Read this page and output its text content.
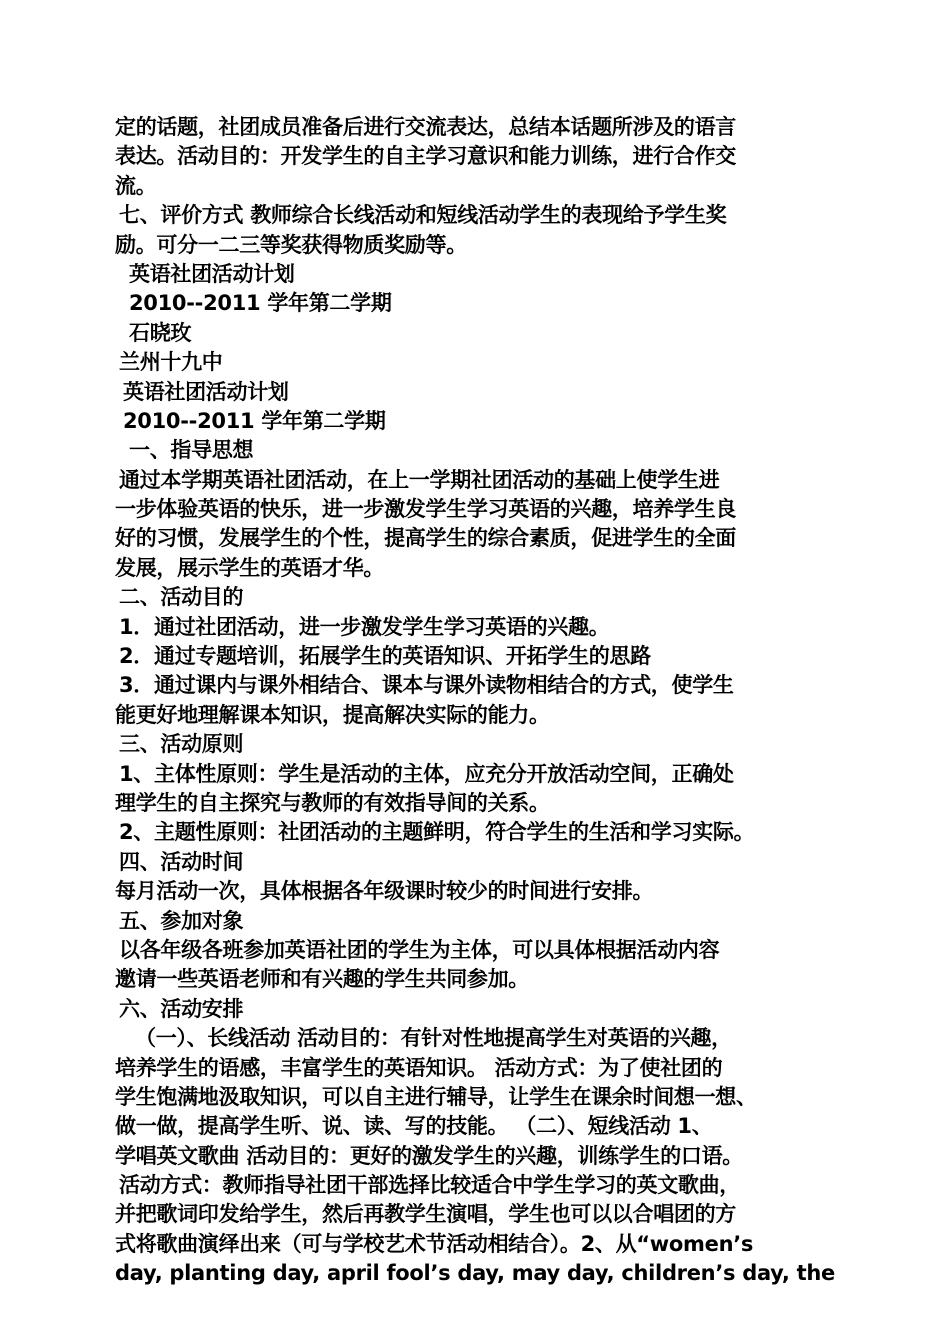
定的话题，社团成员准备后进行交流表达，总结本话题所涉及的语言
表达。活动目的：开发学生的自主学习意识和能力训练，进行合作交
流。
七、评价方式 教师综合长线活动和短线活动学生的表现给予学生奖
励。可分一二三等奖获得物质奖励等。
英语社团活动计划
2010--2011 学年第二学期
石晓玫
兰州十九中
英语社团活动计划
2010--2011 学年第二学期
一、指导思想
通过本学期英语社团活动，在上一学期社团活动的基础上使学生进
一步体验英语的快乐，进一步激发学生学习英语的兴趣，培养学生良
好的习惯，发展学生的个性，提高学生的综合素质，促进学生的全面
发展，展示学生的英语才华。
二、活动目的
1．通过社团活动，进一步激发学生学习英语的兴趣。
2．通过专题培训，拓展学生的英语知识、开拓学生的思路
3．通过课内与课外相结合、课本与课外读物相结合的方式，使学生
能更好地理解课本知识，提高解决实际的能力。
三、活动原则
1、主体性原则：学生是活动的主体，应充分开放活动空间，正确处
理学生的自主探究与教师的有效指导间的关系。
2、主题性原则：社团活动的主题鲜明，符合学生的生活和学习实际。
四、活动时间
每月活动一次，具体根据各年级课时较少的时间进行安排。
五、参加对象
以各年级各班参加英语社团的学生为主体，可以具体根据活动内容
邀请一些英语老师和有兴趣的学生共同参加。
六、活动安排
（一）、长线活动 活动目的：有针对性地提高学生对英语的兴趣，
培养学生的语感，丰富学生的英语知识。 活动方式：为了使社团的
学生饱满地汲取知识，可以自主进行辅导，让学生在课余时间想一想、
做一做，提高学生听、说、读、写的技能。 （二）、短线活动 1、
学唱英文歌曲 活动目的：更好的激发学生的兴趣，训练学生的口语。
活动方式：教师指导社团干部选择比较适合中学生学习的英文歌曲，
并把歌词印发给学生，然后再教学生演唱，学生也可以以合唱团的方
式将歌曲演绎出来（可与学校艺术节活动相结合）。2、从“women’s
day, planting day, april fool’s day, may day, children’s day, the
